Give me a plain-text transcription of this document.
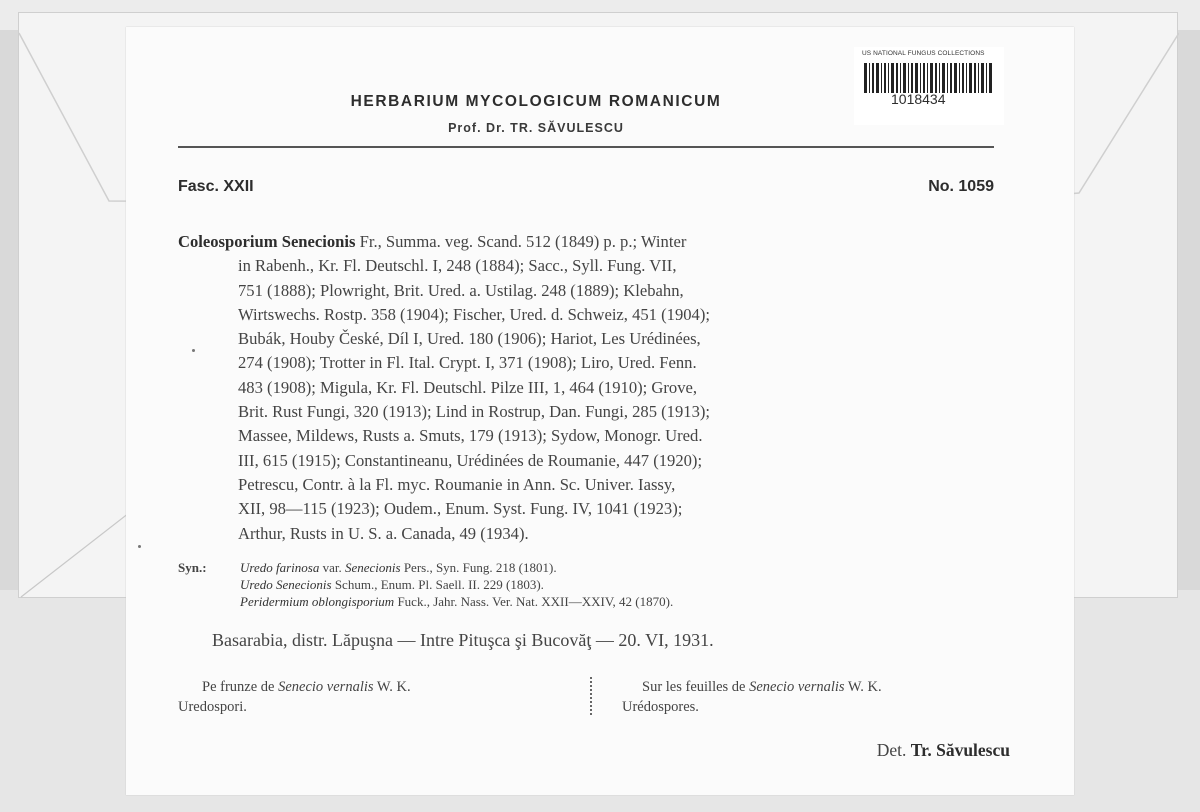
US NATIONAL FUNGUS COLLECTIONS
1018434
HERBARIUM MYCOLOGICUM ROMANICUM
Prof. Dr. TR. SĂVULESCU
Fasc. XXII	No. 1059
Coleosporium Senecionis Fr., Summa. veg. Scand. 512 (1849) p. p.; Winter
in Rabenh., Kr. Fl. Deutschl. I, 248 (1884); Sacc., Syll. Fung. VII,
751 (1888); Plowright, Brit. Ured. a. Ustilag. 248 (1889); Klebahn,
Wirtswechs. Rostp. 358 (1904); Fischer, Ured. d. Schweiz, 451 (1904);
Bubák, Houby České, Díl I, Ured. 180 (1906); Hariot, Les Urédinées,
274 (1908); Trotter in Fl. Ital. Crypt. I, 371 (1908); Liro, Ured. Fenn.
483 (1908); Migula, Kr. Fl. Deutschl. Pilze III, 1, 464 (1910); Grove,
Brit. Rust Fungi, 320 (1913); Lind in Rostrup, Dan. Fungi, 285 (1913);
Massee, Mildews, Rusts a. Smuts, 179 (1913); Sydow, Monogr. Ured.
III, 615 (1915); Constantineanu, Urédinées de Roumanie, 447 (1920);
Petrescu, Contr. à la Fl. myc. Roumanie in Ann. Sc. Univer. Iassy,
XII, 98—115 (1923); Oudem., Enum. Syst. Fung. IV, 1041 (1923);
Arthur, Rusts in U. S. a. Canada, 49 (1934).
Syn.:	Uredo farinosa var. Senecionis Pers., Syn. Fung. 218 (1801).
Uredo Senecionis Schum., Enum. Pl. Saell. II. 229 (1803).
Peridermium oblongisporium Fuck., Jahr. Nass. Ver. Nat. XXII—XXIV, 42 (1870).
Basarabia, distr. Lăpuşna — Intre Pituşca şi Bucovăţ — 20. VI, 1931.
Pe frunze de Senecio vernalis W. K.
Uredospori.
Sur les feuilles de Senecio vernalis W. K.
Urédospores.
Det. Tr. Săvulescu
